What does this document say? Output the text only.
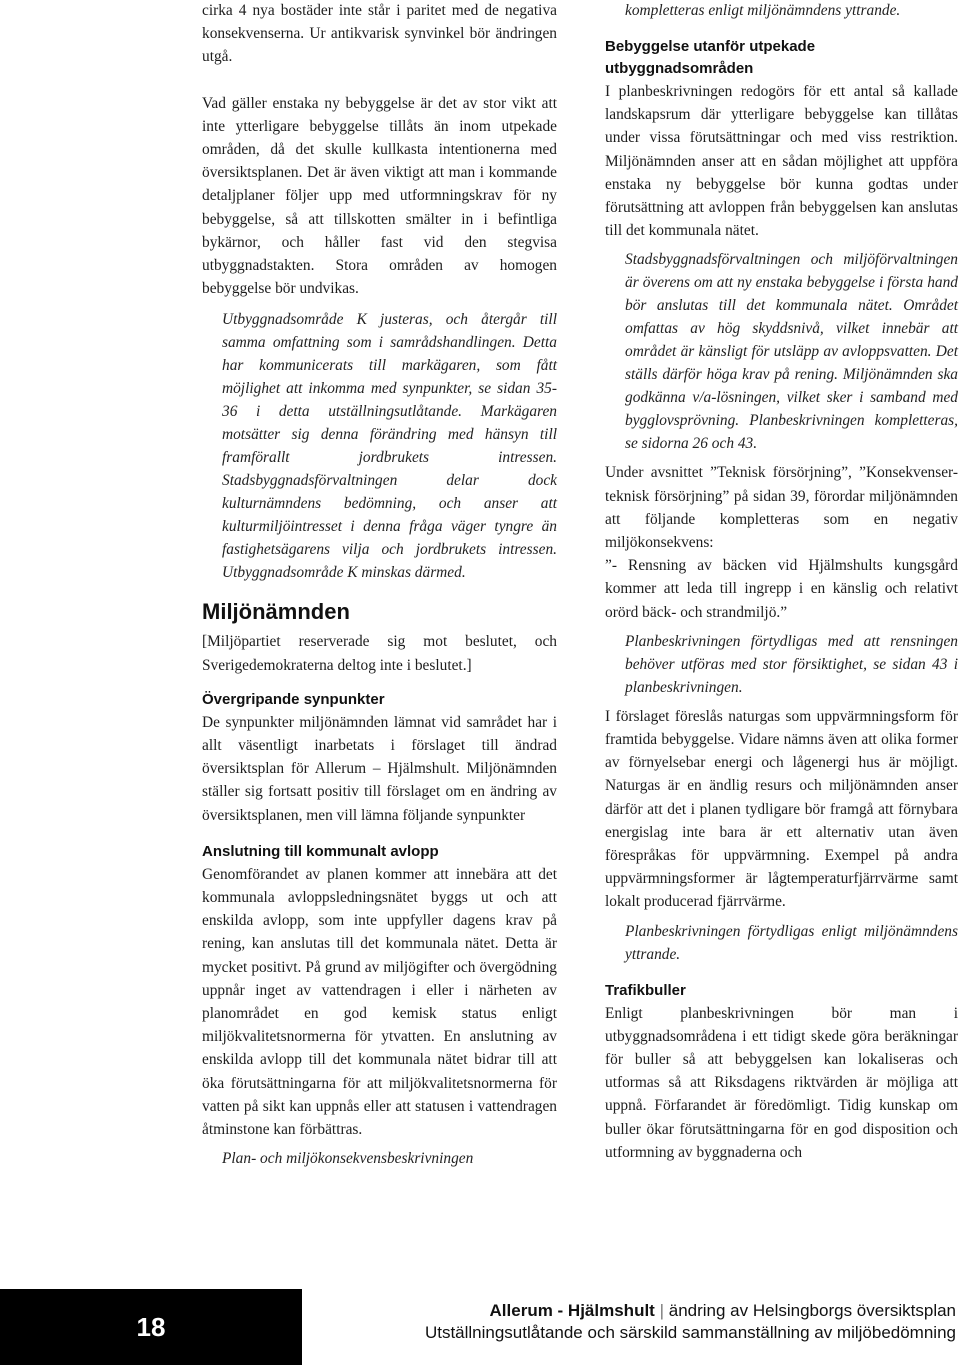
cirka 4 nya bostäder inte står i paritet med de negativa konsekvenserna. Ur antikvarisk synvinkel bör ändringen utgå.

Vad gäller enstaka ny bebyggelse är det av stor vikt att inte ytterligare bebyggelse tillåts än inom utpekade områden, då det skulle kullkasta intentionerna med översiktsplanen. Det är även viktigt att man i kommande detaljplaner följer upp med utformningskrav för ny bebyggelse, så att tillskotten smälter in i befintliga bykärnor, och håller fast vid den stegvisa utbyggnadstakten. Stora områden av homogen bebyggelse bör undvikas.

Utbyggnadsområde K justeras, och återgår till samma omfattning som i samrådshandlingen. Detta har kommunicerats till markägaren, som fått möjlighet att inkomma med synpunkter, se sidan 35-36 i detta utställningsutlåtande. Markägaren motsätter sig denna förändring med hänsyn till framförallt jordbrukets intressen. Stadsbyggnadsförvaltningen delar dock kulturnämndens bedömning, och anser att kulturmiljöintresset i denna fråga väger tyngre än fastighetsägarens vilja och jordbrukets intressen. Utbyggnadsområde K minskas därmed.

Miljönämnden

[Miljöpartiet reserverade sig mot beslutet, och Sverigedemokraterna deltog inte i beslutet.]

Övergripande synpunkter

De synpunkter miljönämnden lämnat vid samrådet har i allt väsentligt inarbetats i förslaget till ändrad översiktsplan för Allerum – Hjälmshult. Miljönämnden ställer sig fortsatt positiv till förslaget om en ändring av översiktsplanen, men vill lämna följande synpunkter

Anslutning till kommunalt avlopp

Genomförandet av planen kommer att innebära att det kommunala avloppsledningsnätet byggs ut och att enskilda avlopp, som inte uppfyller dagens krav på rening, kan anslutas till det kommunala nätet. Detta är mycket positivt. På grund av miljögifter och övergödning uppnår inget av vattendragen i eller i närheten av planområdet en god kemisk status enligt miljökvalitetsnormerna för ytvatten. En anslutning av enskilda avlopp till det kommunala nätet bidrar till att öka förutsättningarna för att miljökvalitetsnormerna för vatten på sikt kan uppnås eller att statusen i vattendragen åtminstone kan förbättras.

Plan- och miljökonsekvensbeskrivningen

kompletteras enligt miljönämndens yttrande.

Bebyggelse utanför utpekade utbyggnadsområden

I planbeskrivningen redogörs för ett antal så kallade landskapsrum där ytterligare bebyggelse kan tillåtas under vissa förutsättningar och med viss restriktion. Miljönämnden anser att en sådan möjlighet att uppföra enstaka ny bebyggelse bör kunna godtas under förutsättning att avloppen från bebyggelsen kan anslutas till det kommunala nätet.

Stadsbyggnadsförvaltningen och miljöförvaltningen är överens om att ny enstaka bebyggelse i första hand bör anslutas till det kommunala nätet. Området omfattas av hög skyddsnivå, vilket innebär att området är känsligt för utsläpp av avloppsvatten. Det ställs därför höga krav på rening. Miljönämnden ska godkänna v/a-lösningen, vilket sker i samband med bygglovsprövning. Planbeskrivningen kompletteras, se sidorna 26 och 43.

Under avsnittet ”Teknisk försörjning”, ”Konsekvenser-teknisk försörjning” på sidan 39, förordar miljönämnden att följande kompletteras som en negativ miljökonsekvens:

”- Rensning av bäcken vid Hjälmshults kungsgård kommer att leda till ingrepp i en känslig och relativt orörd bäck- och strandmiljö.”

Planbeskrivningen förtydligas med att rensningen behöver utföras med stor försiktighet, se sidan 43 i planbeskrivningen.

I förslaget föreslås naturgas som uppvärmningsform för framtida bebyggelse. Vidare nämns även att olika former av förnyelsebar energi och lågenergi hus är möjligt. Naturgas är en ändlig resurs och miljönämnden anser därför att det i planen tydligare bör framgå att förnybara energislag inte bara är ett alternativ utan även förespråkas för uppvärmning. Exempel på andra uppvärmningsformer är lågtemperaturfjärrvärme samt lokalt producerad fjärrvärme.

Planbeskrivningen förtydligas enligt miljönämndens yttrande.

Trafikbuller

Enligt planbeskrivningen bör man i utbyggnadsområdena i ett tidigt skede göra beräkningar för buller så att bebyggelsen kan lokaliseras och utformas så att Riksdagens riktvärden är möjliga att uppnå. Förfarandet är föredömligt. Tidig kunskap om buller ökar förutsättningarna för en god disposition och utformning av byggnaderna och

18
Allerum - Hjälmshult | ändring av Helsingborgs översiktsplan
Utställningsutlåtande och särskild sammanställning av miljöbedömning
